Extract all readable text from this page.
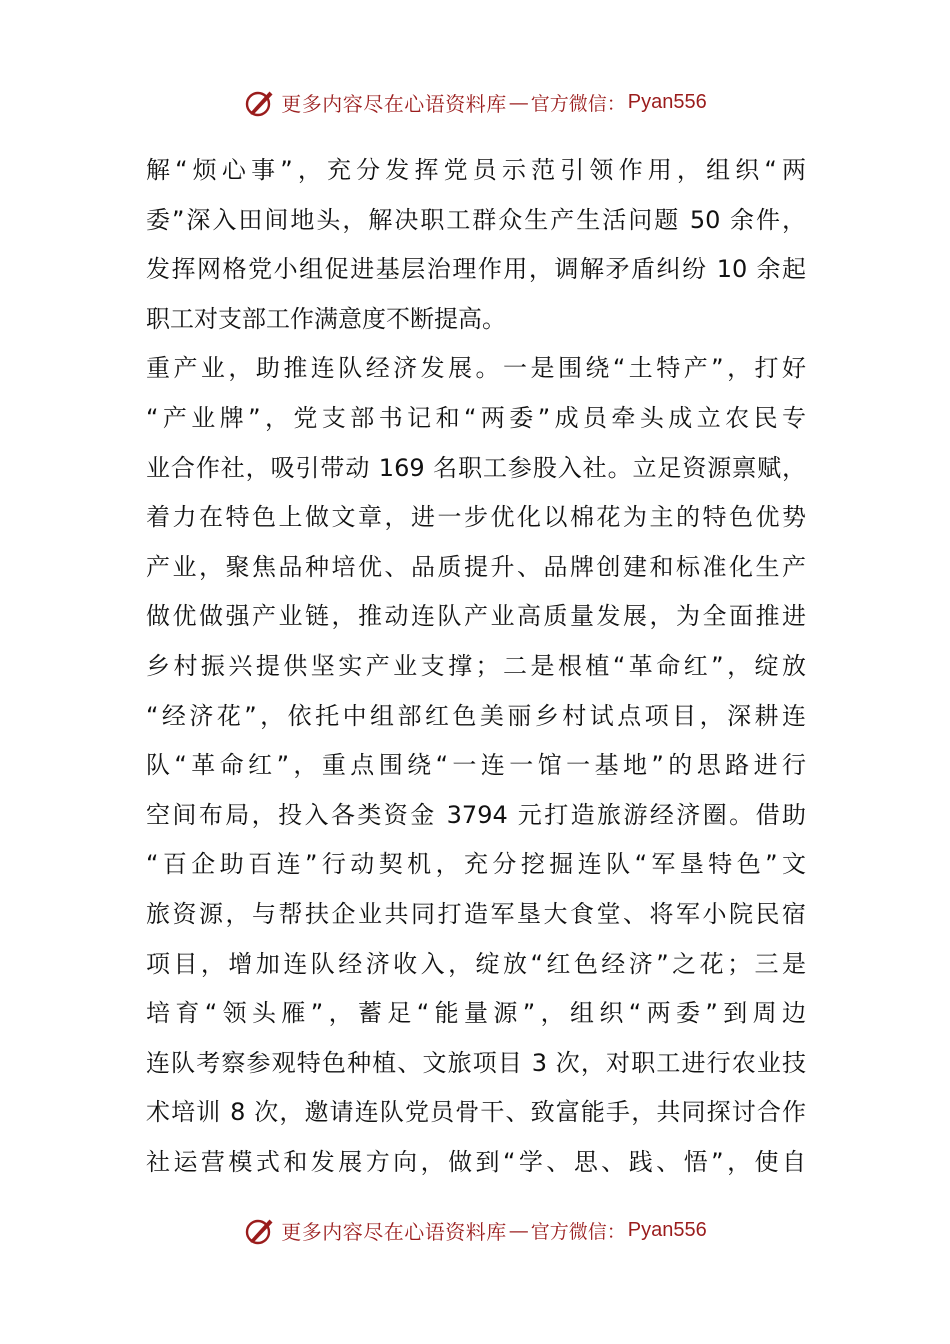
更多内容尽在心语资料库 — 官方微信： Pyan556
解“烦心事”，充分发挥党员示范引领作用，组织“两
委”深入田间地头，解决职工群众生产生活问题 50 余件，
发挥网格党小组促进基层治理作用，调解矛盾纠纷 10 余起
职工对支部工作满意度不断提高。
重产业，助推连队经济发展。一是围绕“土特产”，打好
“产业牌”，党支部书记和“两委”成员牵头成立农民专
业合作社，吸引带动 169 名职工参股入社。立足资源禀赋，
着力在特色上做文章，进一步优化以棉花为主的特色优势
产业，聚焦品种培优、品质提升、品牌创建和标准化生产
做优做强产业链，推动连队产业高质量发展，为全面推进
乡村振兴提供坚实产业支撑；二是根植“革命红”，绽放
“经济花”，依托中组部红色美丽乡村试点项目，深耕连
队“革命红”，重点围绕“一连一馆一基地”的思路进行
空间布局，投入各类资金 3794 元打造旅游经济圈。借助
“百企助百连”行动契机，充分挖掘连队“军垦特色”文
旅资源，与帮扶企业共同打造军垦大食堂、将军小院民宿
项目，增加连队经济收入，绽放“红色经济”之花；三是
培育“领头雁”，蓄足“能量源”，组织“两委”到周边
连队考察参观特色种植、文旅项目 3 次，对职工进行农业技
术培训 8 次，邀请连队党员骨干、致富能手，共同探讨合作
社运营模式和发展方向，做到“学、思、践、悟”，使自
更多内容尽在心语资料库 — 官方微信： Pyan556
